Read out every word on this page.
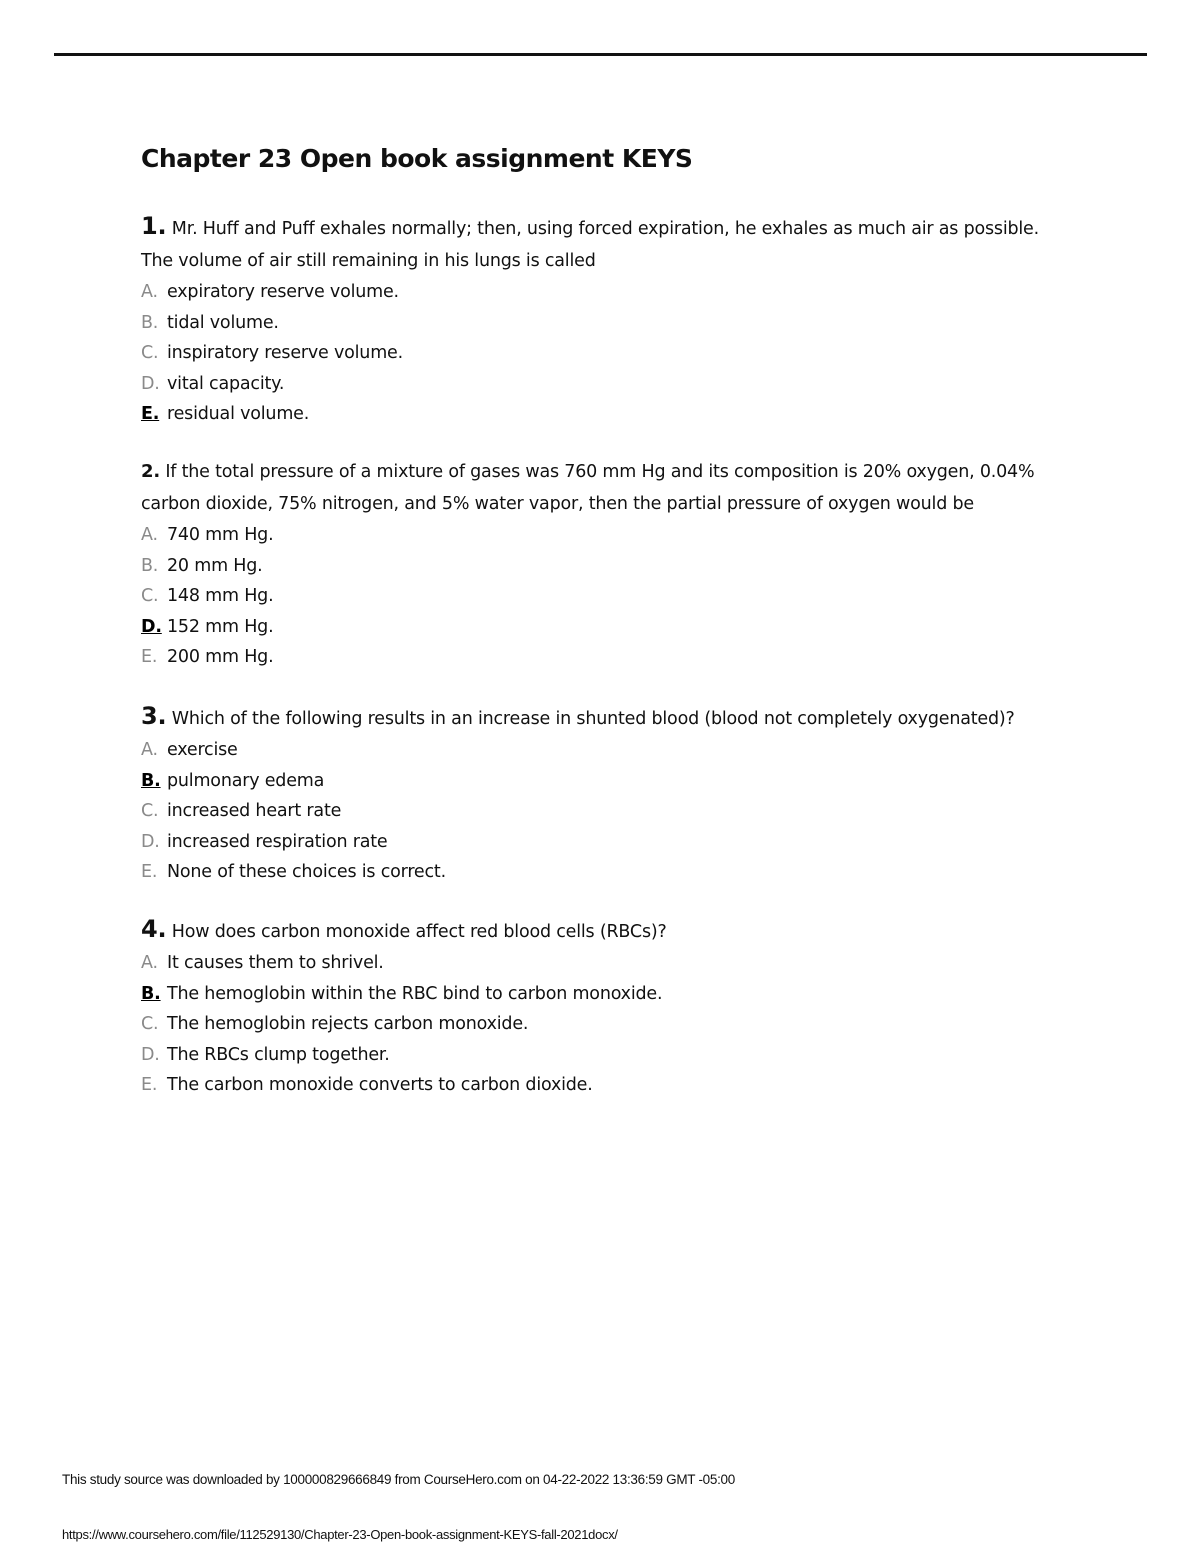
Chapter 23 Open book assignment KEYS

1. Mr. Huff and Puff exhales normally; then, using forced expiration, he exhales as much air as possible. The volume of air still remaining in his lungs is called

A. expiratory reserve volume.
B. tidal volume.
C. inspiratory reserve volume.
D. vital capacity.
E. residual volume.

2. If the total pressure of a mixture of gases was 760 mm Hg and its composition is 20% oxygen, 0.04% carbon dioxide, 75% nitrogen, and 5% water vapor, then the partial pressure of oxygen would be

A. 740 mm Hg.
B. 20 mm Hg.
C. 148 mm Hg.
D. 152 mm Hg.
E. 200 mm Hg.

3. Which of the following results in an increase in shunted blood (blood not completely oxygenated)?

A. exercise
B. pulmonary edema
C. increased heart rate
D. increased respiration rate
E. None of these choices is correct.

4. How does carbon monoxide affect red blood cells (RBCs)?

A. It causes them to shrivel.
B. The hemoglobin within the RBC bind to carbon monoxide.
C. The hemoglobin rejects carbon monoxide.
D. The RBCs clump together.
E. The carbon monoxide converts to carbon dioxide.
This study source was downloaded by 100000829666849 from CourseHero.com on 04-22-2022 13:36:59 GMT -05:00
https://www.coursehero.com/file/112529130/Chapter-23-Open-book-assignment-KEYS-fall-2021docx/
